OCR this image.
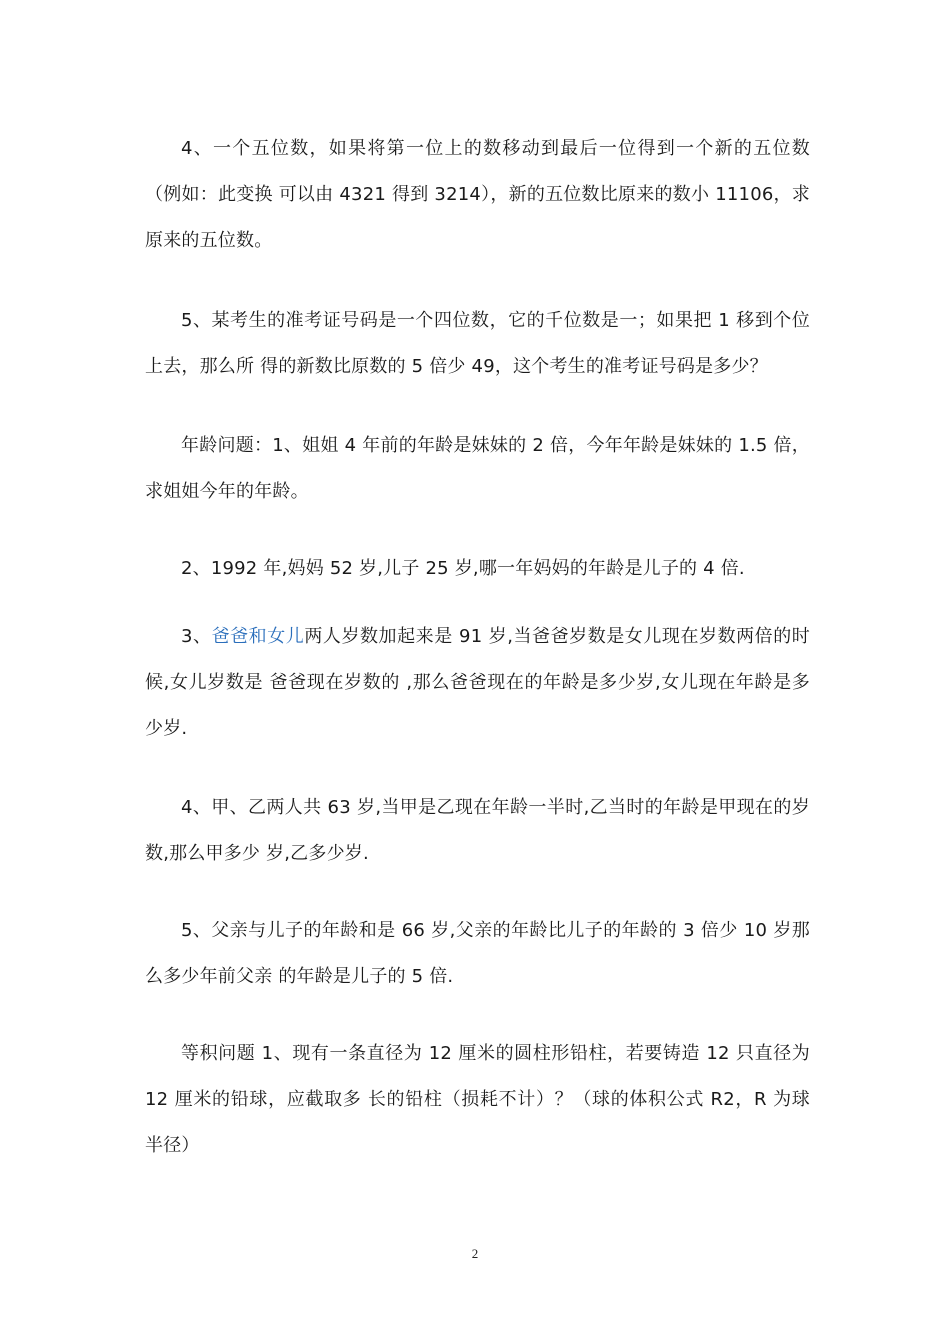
4、一个五位数，如果将第一位上的数移动到最后一位得到一个新的五位数（例如：此变换 可以由 4321 得到 3214），新的五位数比原来的数小 11106，求原来的五位数。

5、某考生的准考证号码是一个四位数，它的千位数是一；如果把 1 移到个位上去，那么所 得的新数比原数的 5 倍少 49，这个考生的准考证号码是多少？

年龄问题：1、姐姐 4 年前的年龄是妹妹的 2 倍，今年年龄是妹妹的 1.5 倍，求姐姐今年的年龄。

2、1992 年,妈妈 52 岁,儿子 25 岁,哪一年妈妈的年龄是儿子的 4 倍.

3、爸爸和女儿两人岁数加起来是 91 岁,当爸爸岁数是女儿现在岁数两倍的时候,女儿岁数是 爸爸现在岁数的 ,那么爸爸现在的年龄是多少岁,女儿现在年龄是多少岁.

4、甲、乙两人共 63 岁,当甲是乙现在年龄一半时,乙当时的年龄是甲现在的岁数,那么甲多少 岁,乙多少岁.

5、父亲与儿子的年龄和是 66 岁,父亲的年龄比儿子的年龄的 3 倍少 10 岁那么多少年前父亲 的年龄是儿子的 5 倍.

等积问题 1、现有一条直径为 12 厘米的圆柱形铅柱，若要铸造 12 只直径为 12 厘米的铅球，应截取多 长的铅柱（损耗不计）？（球的体积公式 R2，R 为球半径）

2
